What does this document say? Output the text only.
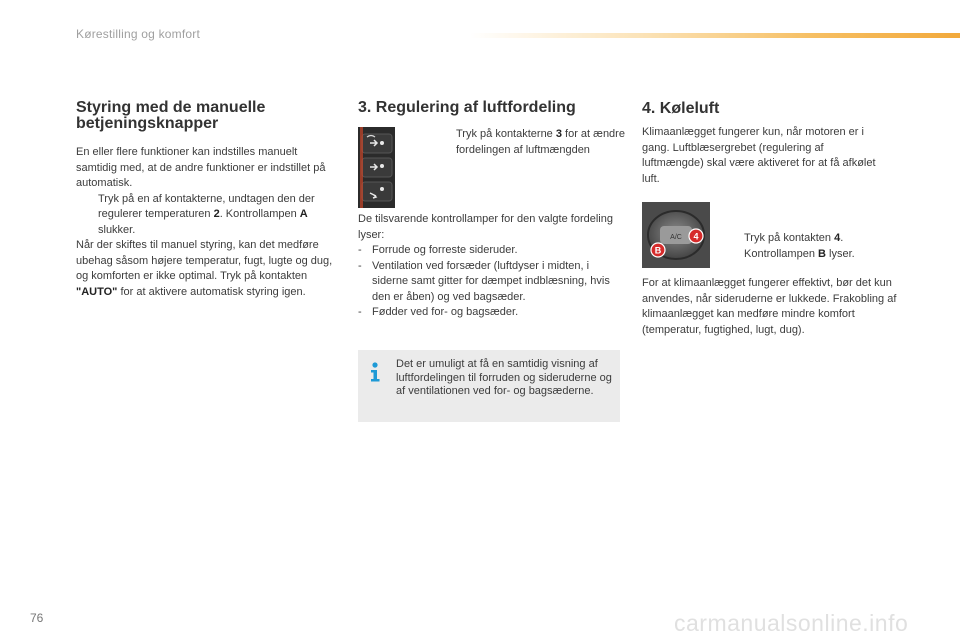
Kørestilling og komfort
Styring med de manuelle
betjeningsknapper
En eller flere funktioner kan indstilles manuelt samtidig med, at de andre funktioner er indstillet på automatisk.
Tryk på en af kontakterne, undtagen den der regulerer temperaturen 2. Kontrollampen A slukker.
Når der skiftes til manuel styring, kan det medføre ubehag såsom højere temperatur, fugt, lugte og dug, og komforten er ikke optimal. Tryk på kontakten "AUTO" for at aktivere automatisk styring igen.
3. Regulering af luftfordeling
Tryk på kontakterne 3 for at ændre fordelingen af luftmængden
De tilsvarende kontrollamper for den valgte fordeling lyser:
- Forrude og forreste sideruder.
- Ventilation ved forsæder (luftdyser i midten, i siderne samt gitter for dæmpet indblæsning, hvis den er åben) og ved bagsæder.
- Fødder ved for- og bagsæder.
Det er umuligt at få en samtidig visning af luftfordelingen til forruden og sideruderne og af ventilationen ved for- og bagsæderne.
4. Køleluft
Klimaanlægget fungerer kun, når motoren er i gang. Luftblæsergrebet (regulering af luftmængde) skal være aktiveret for at få afkølet luft.
A/C
B
4	Tryk på kontakten 4. Kontrollampen B lyser.
For at klimaanlægget fungerer effektivt, bør det kun anvendes, når sideruderne er lukkede. Frakobling af klimaanlægget kan medføre mindre komfort (temperatur, fugtighed, lugt, dug).
76	carmanualsonline.info
